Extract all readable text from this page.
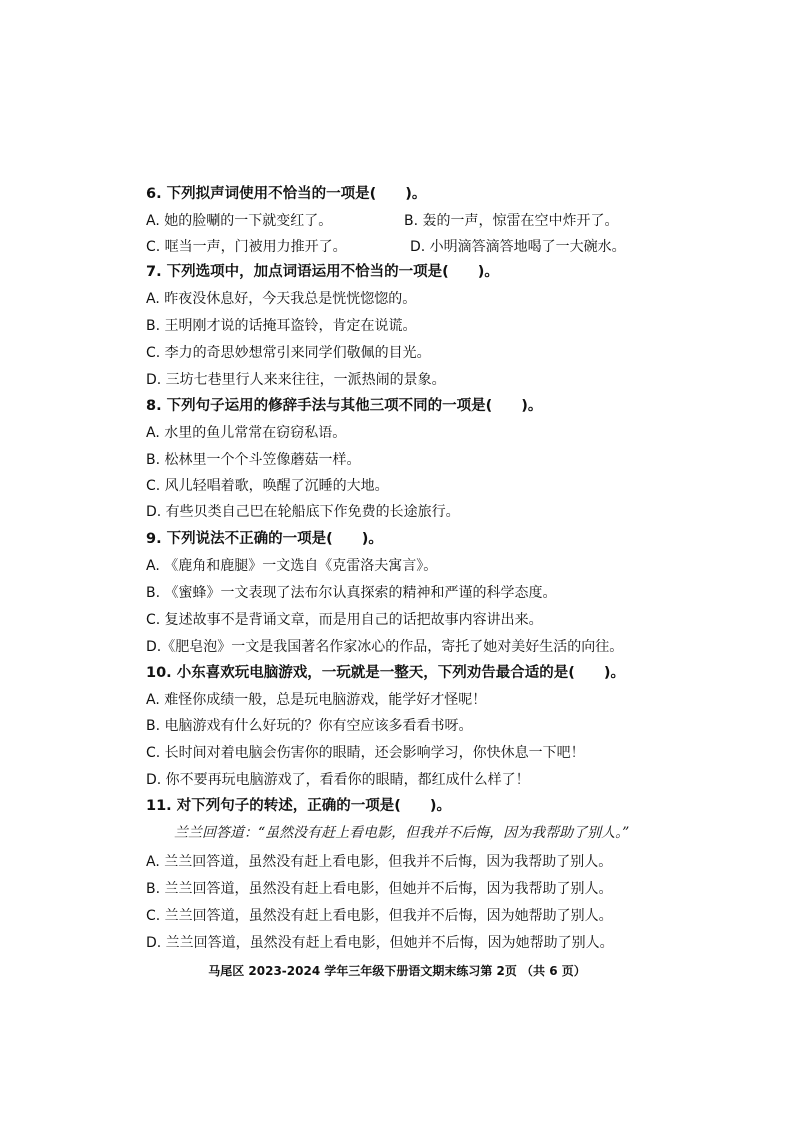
6. 下列拟声词使用不恰当的一项是(　　)。
A. 她的脸唰的一下就变红了。	B. 轰的一声，惊雷在空中炸开了。
C. 哐当一声，门被用力推开了。	D. 小明滴答滴答地喝了一大碗水。
7. 下列选项中，加点词语运用不恰当的一项是(　　)。
A. 昨夜没休息好，今天我总是恍恍惚惚的。
B. 王明刚才说的话掩耳盗铃，肯定在说谎。
C. 李力的奇思妙想常引来同学们敬佩的目光。
D. 三坊七巷里行人来来往往，一派热闹的景象。
8. 下列句子运用的修辞手法与其他三项不同的一项是(　　)。
A. 水里的鱼儿常常在窃窃私语。
B. 松林里一个个斗笠像蘑菇一样。
C. 风儿轻唱着歌，唤醒了沉睡的大地。
D. 有些贝类自己巴在轮船底下作免费的长途旅行。
9. 下列说法不正确的一项是(　　)。
A. 《鹿角和鹿腿》一文选自《克雷洛夫寓言》。
B. 《蜜蜂》一文表现了法布尔认真探索的精神和严谨的科学态度。
C. 复述故事不是背诵文章，而是用自己的话把故事内容讲出来。
D.《肥皂泡》一文是我国著名作家冰心的作品，寄托了她对美好生活的向往。
10. 小东喜欢玩电脑游戏，一玩就是一整天，下列劝告最合适的是(　　)。
A. 难怪你成绩一般，总是玩电脑游戏，能学好才怪呢！
B. 电脑游戏有什么好玩的？你有空应该多看看书呀。
C. 长时间对着电脑会伤害你的眼睛，还会影响学习，你快休息一下吧！
D. 你不要再玩电脑游戏了，看看你的眼睛，都红成什么样了！
11. 对下列句子的转述，正确的一项是(　　)。
兰兰回答道：“虽然没有赶上看电影，但我并不后悔，因为我帮助了别人。”
A. 兰兰回答道，虽然没有赶上看电影，但我并不后悔，因为我帮助了别人。
B. 兰兰回答道，虽然没有赶上看电影，但她并不后悔，因为我帮助了别人。
C. 兰兰回答道，虽然没有赶上看电影，但我并不后悔，因为她帮助了别人。
D. 兰兰回答道，虽然没有赶上看电影，但她并不后悔，因为她帮助了别人。
马尾区 2023-2024 学年三年级下册语文期末练习第 2页 （共 6 页）
